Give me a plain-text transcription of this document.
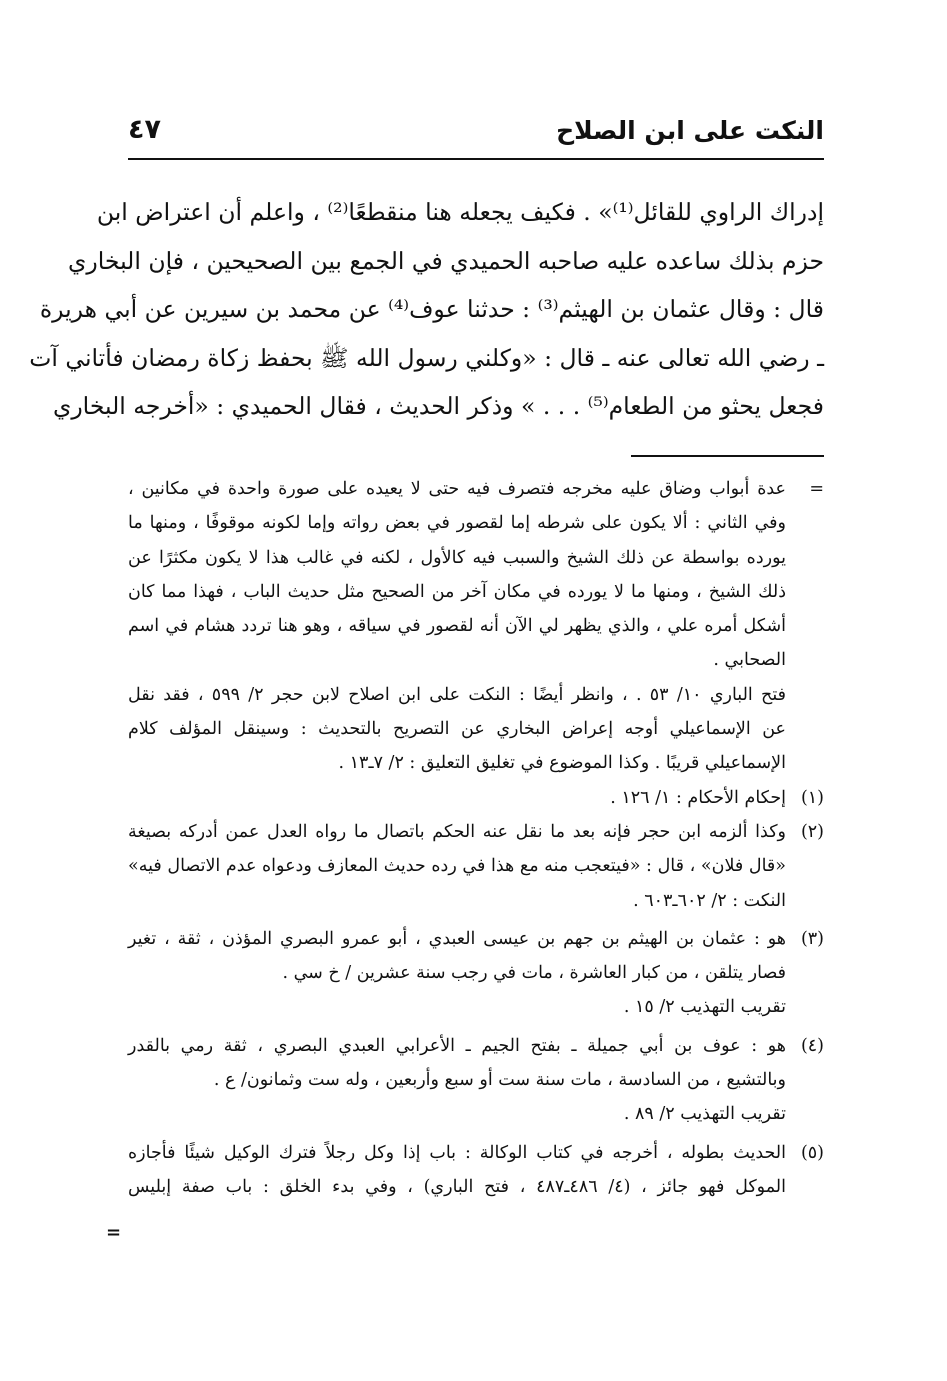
النكت على ابن الصلاح
٤٧
إدراك الراوي للقائل⁽¹⁾» . فكيف يجعله هنا منقطعًا⁽²⁾ ، واعلم أن اعتراض ابن
حزم بذلك ساعده عليه صاحبه الحميدي في الجمع بين الصحيحين ، فإن البخاري
قال : وقال عثمان بن الهيثم⁽³⁾ : حدثنا عوف⁽⁴⁾ عن محمد بن سيرين عن أبي هريرة
ـ رضي الله تعالى عنه ـ قال : «وكلني رسول الله ﷺ بحفظ زكاة رمضان فأتاني آت
فجعل يحثو من الطعام⁽⁵⁾ . . . » وذكر الحديث ، فقال الحميدي : «أخرجه البخاري
=
عدة أبواب وضاق عليه مخرجه فتصرف فيه حتى لا يعيده على صورة واحدة في مكانين ،
وفي الثاني : ألا يكون على شرطه إما لقصور في بعض رواته وإما لكونه موقوفًا ، ومنها ما
يورده بواسطة عن ذلك الشيخ والسبب فيه كالأول ، لكنه في غالب هذا لا يكون مكثرًا عن
ذلك الشيخ ، ومنها ما لا يورده في مكان آخر من الصحيح مثل حديث الباب ، فهذا مما كان
أشكل أمره علي ، والذي يظهر لي الآن أنه لقصور في سياقه ، وهو هنا تردد هشام في اسم
الصحابي .
فتح الباري ١٠/ ٥٣ . ، وانظر أيضًا : النكت على ابن اصلاح لابن حجر ٢/ ٥٩٩ ، فقد نقل
عن الإسماعيلي أوجه إعراض البخاري عن التصريح بالتحديث : وسينقل المؤلف كلام
الإسماعيلي قريبًا . وكذا الموضوع في تغليق التعليق : ٢/ ٧ـ١٣ .
(١)
إحكام الأحكام : ١/ ١٢٦ .
(٢)
وكذا ألزمه ابن حجر فإنه بعد ما نقل عنه الحكم باتصال ما رواه العدل عمن أدركه بصيغة
«قال فلان» ، قال : «فيتعجب منه مع هذا في رده حديث المعازف ودعواه عدم الاتصال فيه»
النكت : ٢/ ٦٠٢ـ٦٠٣ .
(٣)
هو : عثمان بن الهيثم بن جهم بن عيسى العبدي ، أبو عمرو البصري المؤذن ، ثقة ، تغير
فصار يتلقن ، من كبار العاشرة ، مات في رجب سنة عشرين / خ سي .
تقريب التهذيب ٢/ ١٥ .
(٤)
هو : عوف بن أبي جميلة ـ بفتح الجيم ـ الأعرابي العبدي البصري ، ثقة رمي بالقدر
وبالتشيع ، من السادسة ، مات سنة ست أو سبع وأربعين ، وله ست وثمانون/ ع .
تقريب التهذيب ٢/ ٨٩ .
(٥)
الحديث بطوله ، أخرجه في كتاب الوكالة : باب إذا وكل رجلاً فترك الوكيل شيئًا فأجازه
الموكل فهو جائز ، (٤/ ٤٨٦ـ٤٨٧ ، فتح الباري) ، وفي بدء الخلق : باب صفة إبليس
=
